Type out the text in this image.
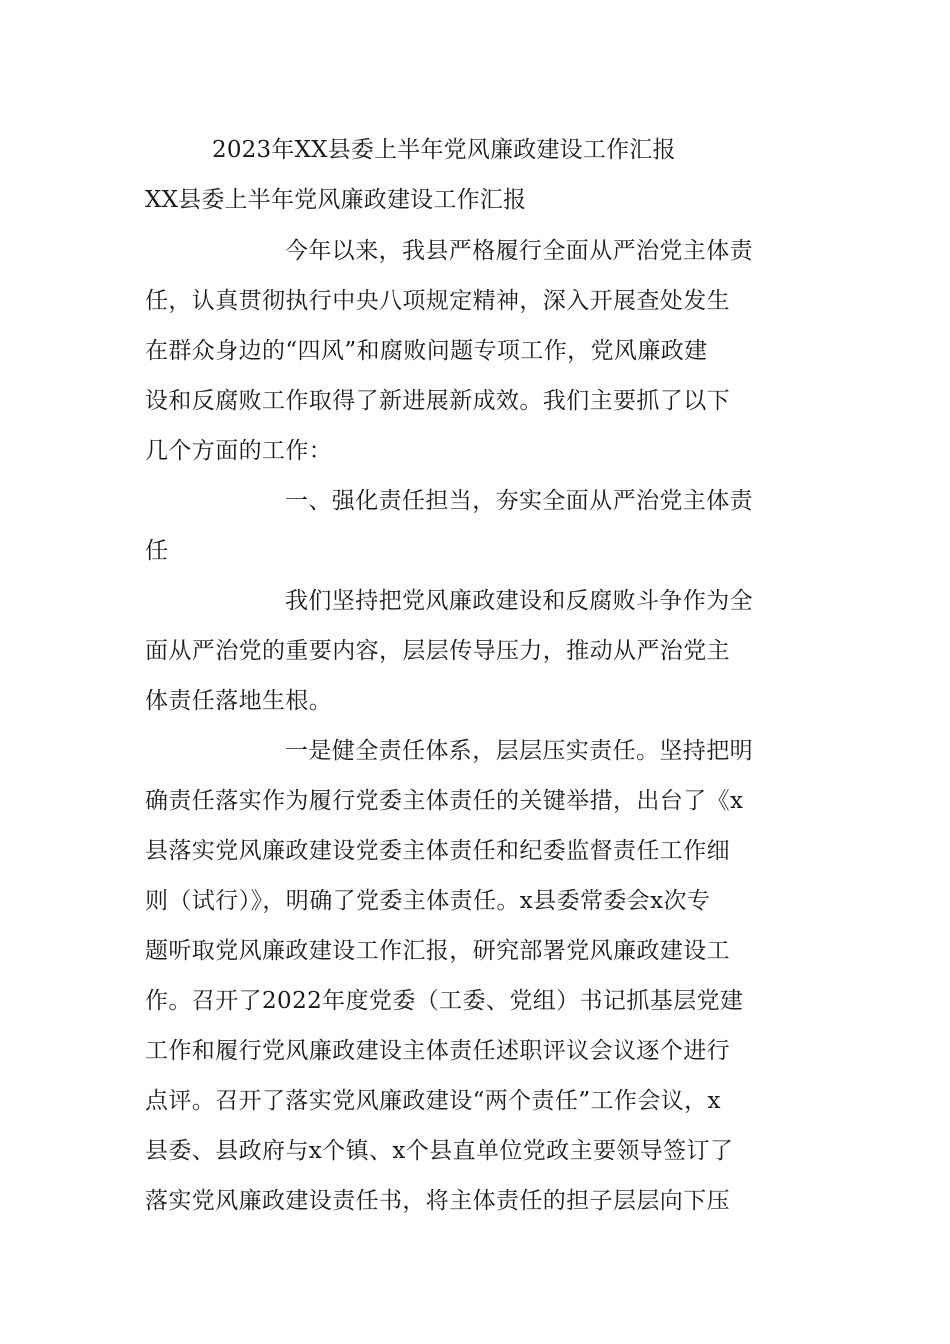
2023年XX县委上半年党风廉政建设工作汇报
XX县委上半年党风廉政建设工作汇报
今年以来，我县严格履行全面从严治党主体责
任，认真贯彻执行中央八项规定精神，深入开展查处发生
在群众身边的“四风”和腐败问题专项工作，党风廉政建
设和反腐败工作取得了新进展新成效。我们主要抓了以下
几个方面的工作：
一、强化责任担当，夯实全面从严治党主体责
任
我们坚持把党风廉政建设和反腐败斗争作为全
面从严治党的重要内容，层层传导压力，推动从严治党主
体责任落地生根。
一是健全责任体系，层层压实责任。坚持把明
确责任落实作为履行党委主体责任的关键举措，出台了《x
县落实党风廉政建设党委主体责任和纪委监督责任工作细
则（试行）》，明确了党委主体责任。x县委常委会x次专
题听取党风廉政建设工作汇报，研究部署党风廉政建设工
作。召开了2022年度党委（工委、党组）书记抓基层党建
工作和履行党风廉政建设主体责任述职评议会议逐个进行
点评。召开了落实党风廉政建设“两个责任”工作会议，x
县委、县政府与x个镇、x个县直单位党政主要领导签订了
落实党风廉政建设责任书，将主体责任的担子层层向下压
